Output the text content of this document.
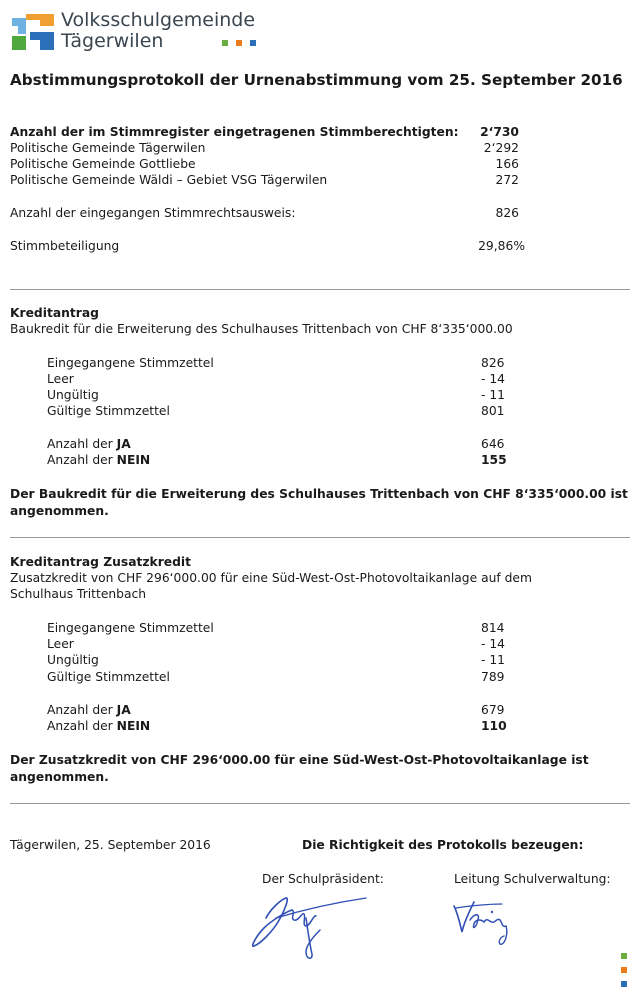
Volksschulgemeinde
Tägerwilen
Abstimmungsprotokoll der Urnenabstimmung vom 25. September 2016
Anzahl der im Stimmregister eingetragenen Stimmberechtigten:	2‘730
Politische Gemeinde Tägerwilen	2‘292
Politische Gemeinde Gottliebe	166
Politische Gemeinde Wäldi – Gebiet VSG Tägerwilen	272
Anzahl der eingegangen Stimmrechtsausweis:	826
Stimmbeteiligung	29,86%
Kreditantrag
Baukredit für die Erweiterung des Schulhauses Trittenbach von CHF 8‘335‘000.00
Eingegangene Stimmzettel	826
Leer	- 14
Ungültig	- 11
Gültige Stimmzettel	801
Anzahl der JA	646
Anzahl der NEIN	155
Der Baukredit für die Erweiterung des Schulhauses Trittenbach von CHF 8‘335‘000.00 ist
angenommen.
Kreditantrag Zusatzkredit
Zusatzkredit von CHF 296‘000.00 für eine Süd-West-Ost-Photovoltaikanlage auf dem
Schulhaus Trittenbach
Eingegangene Stimmzettel	814
Leer	- 14
Ungültig	- 11
Gültige Stimmzettel	789
Anzahl der JA	679
Anzahl der NEIN	110
Der Zusatzkredit von CHF 296‘000.00 für eine Süd-West-Ost-Photovoltaikanlage ist
angenommen.
Tägerwilen, 25. September 2016	Die Richtigkeit des Protokolls bezeugen:
Der Schulpräsident:	Leitung Schulverwaltung:
